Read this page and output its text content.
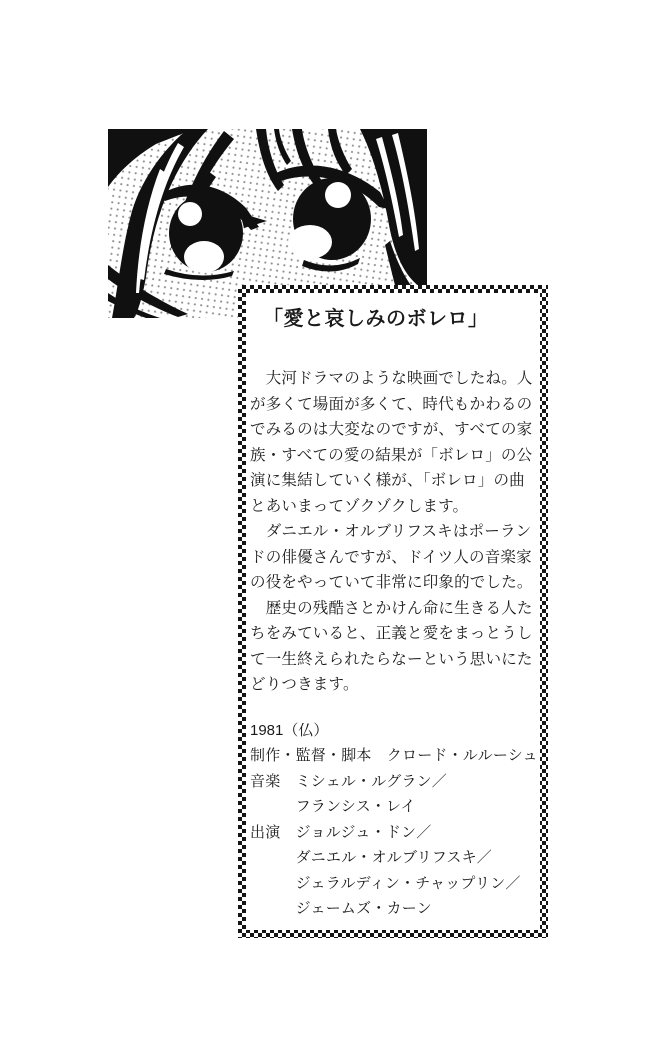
「愛と哀しみのボレロ」

　大河ドラマのような映画でしたね。人が多くて場面が多くて、時代もかわるのでみるのは大変なのですが、すべての家族・すべての愛の結果が「ボレロ」の公演に集結していく様が、「ボレロ」の曲とあいまってゾクゾクします。

　ダニエル・オルブリフスキはポーランドの俳優さんですが、ドイツ人の音楽家の役をやっていて非常に印象的でした。

　歴史の残酷さとかけん命に生きる人たちをみていると、正義と愛をまっとうして一生終えられたらなーという思いにたどりつきます。

1981（仏）

制作・監督・脚本　クロード・ルルーシュ

音楽　ミシェル・ルグラン／

　　　フランシス・レイ

出演　ジョルジュ・ドン／

　　　ダニエル・オルブリフスキ／

　　　ジェラルディン・チャップリン／

　　　ジェームズ・カーン
